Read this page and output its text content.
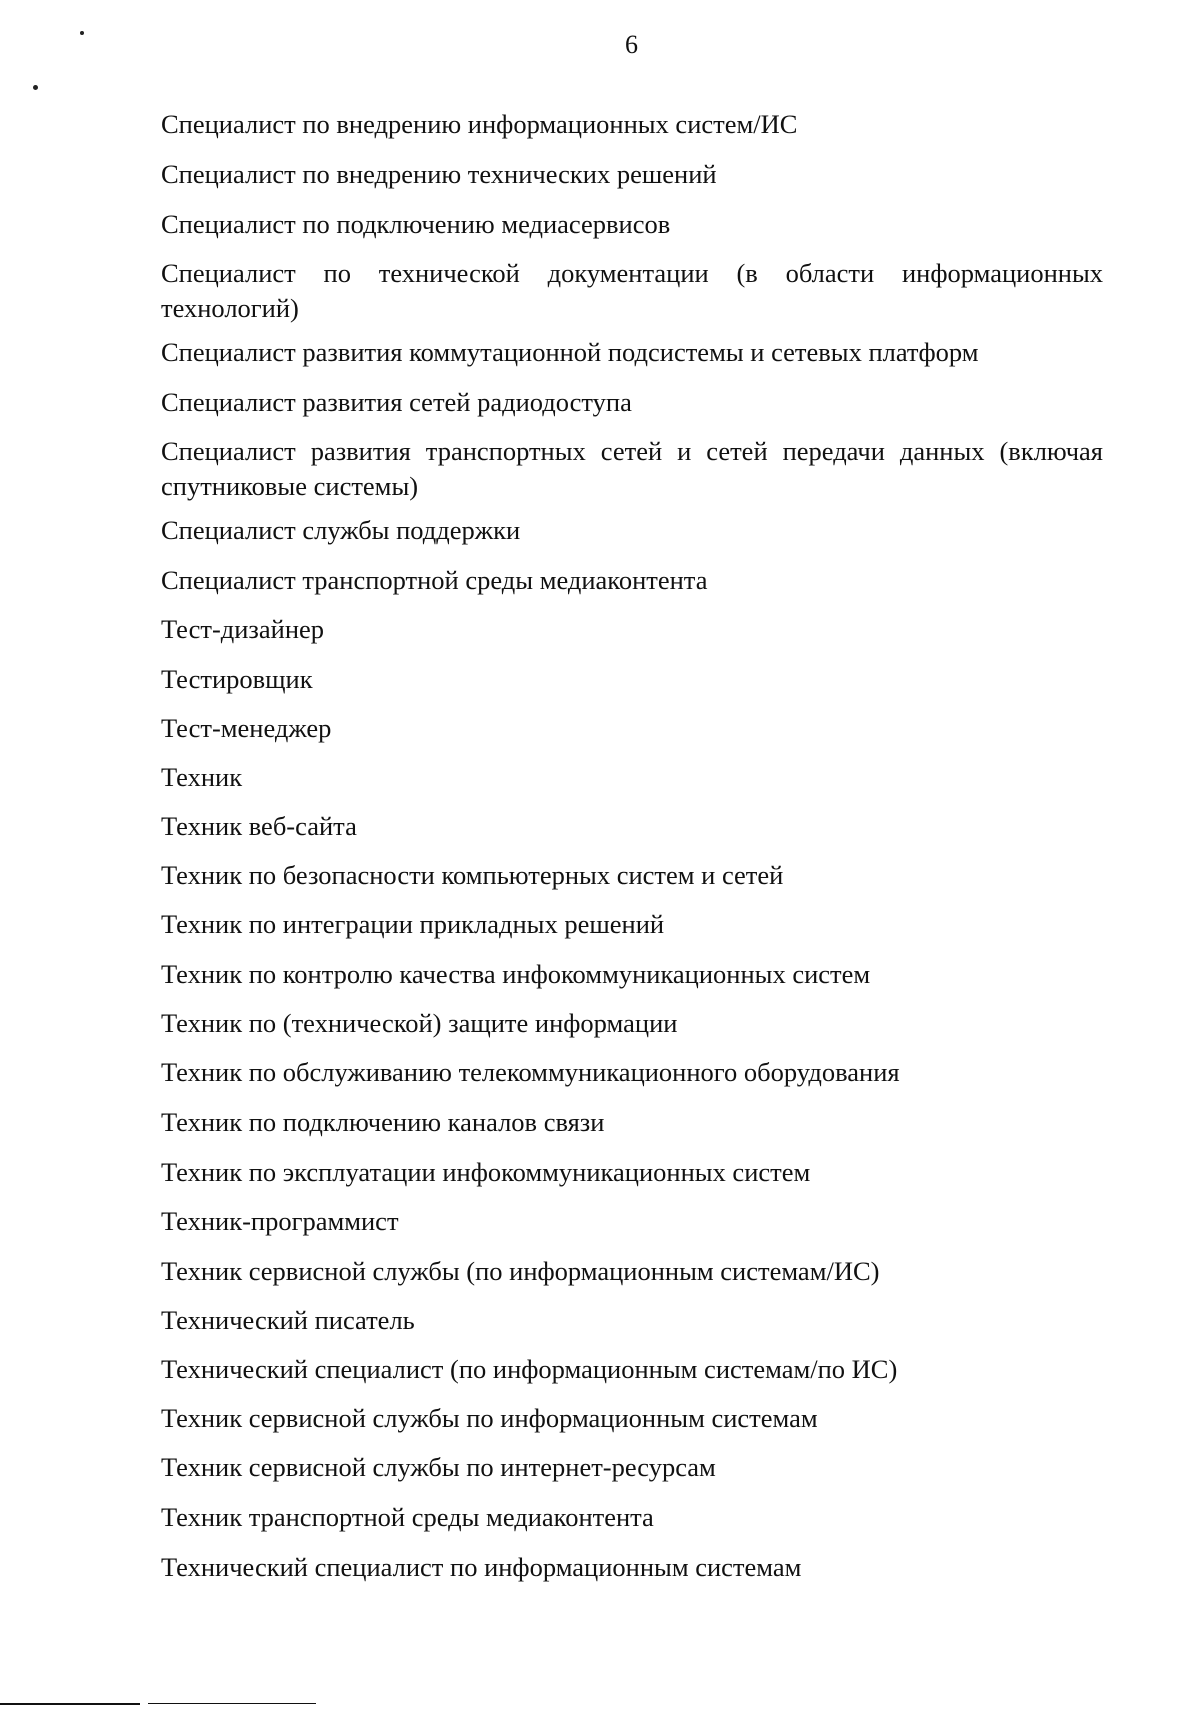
6
Специалист по внедрению информационных систем/ИС
Специалист по внедрению технических решений
Специалист по подключению медиасервисов
Специалист по технической документации (в области информационных технологий)
Специалист развития коммутационной подсистемы и сетевых платформ
Специалист развития сетей радиодоступа
Специалист развития транспортных сетей и сетей передачи данных (включая спутниковые системы)
Специалист службы поддержки
Специалист транспортной среды медиаконтента
Тест-дизайнер
Тестировщик
Тест-менеджер
Техник
Техник веб-сайта
Техник по безопасности компьютерных систем и сетей
Техник по интеграции прикладных решений
Техник по контролю качества инфокоммуникационных систем
Техник по (технической) защите информации
Техник по обслуживанию телекоммуникационного оборудования
Техник по подключению каналов связи
Техник по эксплуатации инфокоммуникационных систем
Техник-программист
Техник сервисной службы (по информационным системам/ИС)
Технический писатель
Технический специалист (по информационным системам/по ИС)
Техник сервисной службы по информационным системам
Техник сервисной службы по интернет-ресурсам
Техник транспортной среды медиаконтента
Технический специалист по информационным системам
